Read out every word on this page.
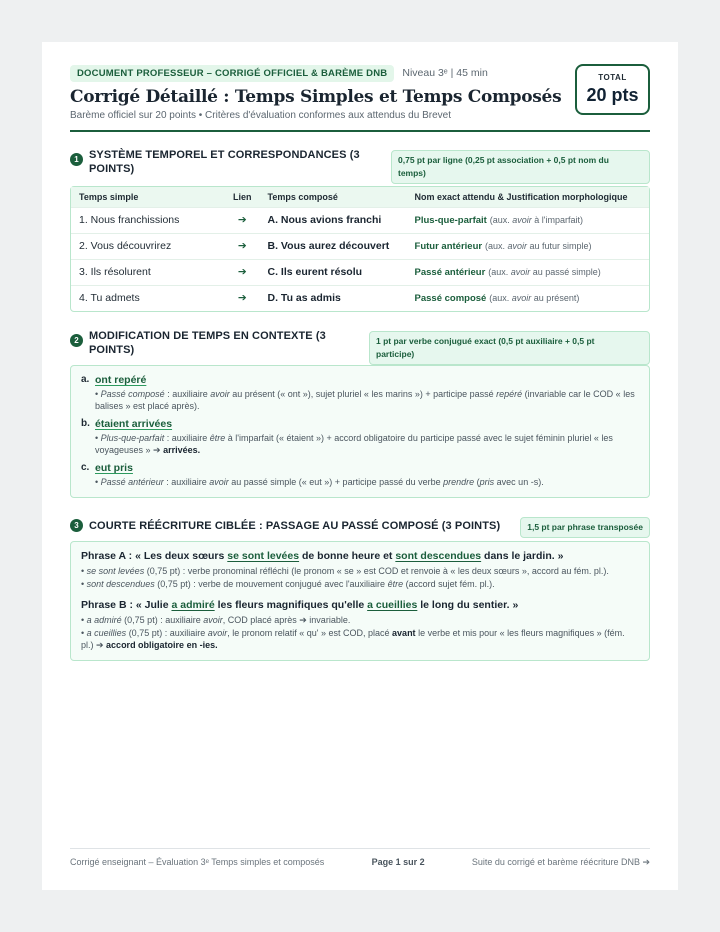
DOCUMENT PROFESSEUR – CORRIGÉ OFFICIEL & BARÈME DNB	Niveau 3ᵉ | 45 min
Corrigé Détaillé : Temps Simples et Temps Composés
Barème officiel sur 20 points • Critères d'évaluation conformes aux attendus du Brevet
TOTAL
20 pts
1 SYSTÈME TEMPOREL ET CORRESPONDANCES (3
POINTS)
0,75 pt par ligne (0,25 pt association + 0,5 pt nom du
temps)
Temps simple	Lien	Temps composé	Nom exact attendu & Justification morphologique
1. Nous franchissions	➔	A. Nous avions franchi	Plus-que-parfait (aux. avoir à l'imparfait)
2. Vous découvrirez	➔	B. Vous aurez découvert	Futur antérieur (aux. avoir au futur simple)
3. Ils résolurent	➔	C. Ils eurent résolu	Passé antérieur (aux. avoir au passé simple)
4. Tu admets	➔	D. Tu as admis	Passé composé (aux. avoir au présent)
2 MODIFICATION DE TEMPS EN CONTEXTE (3
POINTS)
1 pt par verbe conjugué exact (0,5 pt auxiliaire + 0,5 pt
participe)
a. ont repéré
• Passé composé : auxiliaire avoir au présent (« ont »), sujet pluriel « les marins ») + participe passé repéré (invariable car le COD « les balises » est placé après).
b. étaient arrivées
• Plus-que-parfait : auxiliaire être à l'imparfait (« étaient ») + accord obligatoire du participe passé avec le sujet féminin pluriel « les voyageuses » ➔ arrivées.
c. eut pris
• Passé antérieur : auxiliaire avoir au passé simple (« eut ») + participe passé du verbe prendre (pris avec un -s).
3 COURTE RÉÉCRITURE CIBLÉE : PASSAGE AU PASSÉ COMPOSÉ (3 POINTS)	1,5 pt par phrase transposée
Phrase A : « Les deux sœurs se sont levées de bonne heure et sont descendues dans le jardin. »
• se sont levées (0,75 pt) : verbe pronominal réfléchi (le pronom « se » est COD et renvoie à « les deux sœurs », accord au fém. pl.).
• sont descendues (0,75 pt) : verbe de mouvement conjugué avec l'auxiliaire être (accord sujet fém. pl.).
Phrase B : « Julie a admiré les fleurs magnifiques qu'elle a cueillies le long du sentier. »
• a admiré (0,75 pt) : auxiliaire avoir, COD placé après ➔ invariable.
• a cueillies (0,75 pt) : auxiliaire avoir, le pronom relatif « qu' » est COD, placé avant le verbe et mis pour « les fleurs magnifiques » (fém. pl.) ➔ accord obligatoire en -ies.
Corrigé enseignant – Évaluation 3ᵉ Temps simples et composés	Page 1 sur 2	Suite du corrigé et barème réécriture DNB ➔
